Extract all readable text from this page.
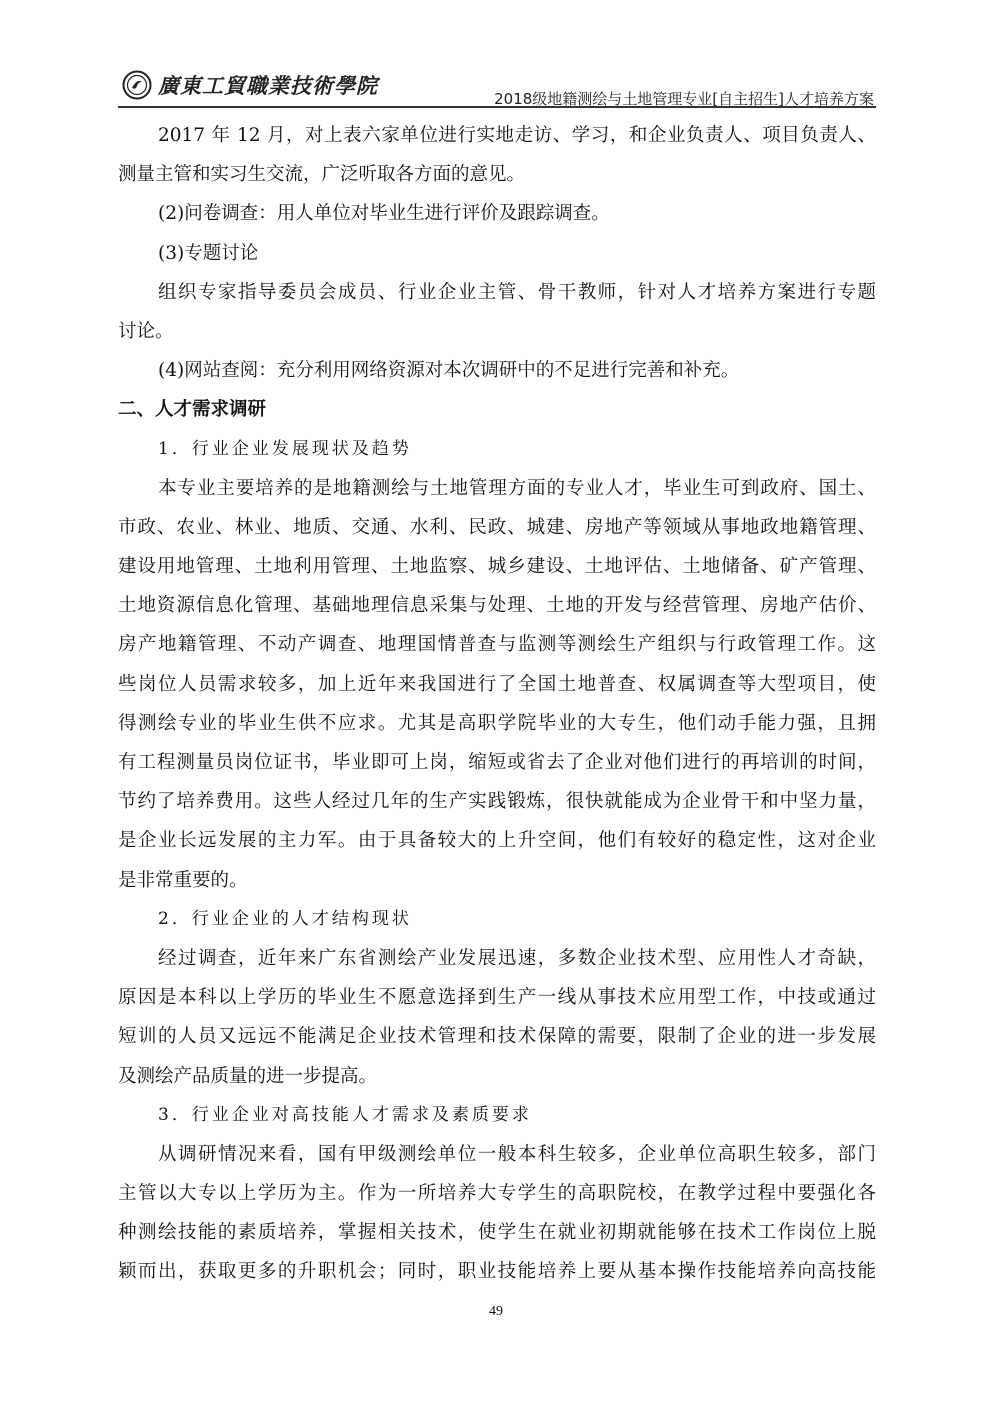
廣東工貿職業技術學院
2018级地籍测绘与土地管理专业[自主招生]人才培养方案
2017 年 12 月，对上表六家单位进行实地走访、学习，和企业负责人、项目负责人、
测量主管和实习生交流，广泛听取各方面的意见。
(2)问卷调查：用人单位对毕业生进行评价及跟踪调查。
(3)专题讨论
组织专家指导委员会成员、行业企业主管、骨干教师，针对人才培养方案进行专题
讨论。
(4)网站查阅：充分利用网络资源对本次调研中的不足进行完善和补充。
二、人才需求调研
1．行业企业发展现状及趋势
本专业主要培养的是地籍测绘与土地管理方面的专业人才，毕业生可到政府、国土、
市政、农业、林业、地质、交通、水利、民政、城建、房地产等领域从事地政地籍管理、
建设用地管理、土地利用管理、土地监察、城乡建设、土地评估、土地储备、矿产管理、
土地资源信息化管理、基础地理信息采集与处理、土地的开发与经营管理、房地产估价、
房产地籍管理、不动产调查、地理国情普查与监测等测绘生产组织与行政管理工作。这
些岗位人员需求较多，加上近年来我国进行了全国土地普查、权属调查等大型项目，使
得测绘专业的毕业生供不应求。尤其是高职学院毕业的大专生，他们动手能力强，且拥
有工程测量员岗位证书，毕业即可上岗，缩短或省去了企业对他们进行的再培训的时间，
节约了培养费用。这些人经过几年的生产实践锻炼，很快就能成为企业骨干和中坚力量，
是企业长远发展的主力军。由于具备较大的上升空间，他们有较好的稳定性，这对企业
是非常重要的。
2．行业企业的人才结构现状
经过调查，近年来广东省测绘产业发展迅速，多数企业技术型、应用性人才奇缺，
原因是本科以上学历的毕业生不愿意选择到生产一线从事技术应用型工作，中技或通过
短训的人员又远远不能满足企业技术管理和技术保障的需要，限制了企业的进一步发展
及测绘产品质量的进一步提高。
3．行业企业对高技能人才需求及素质要求
从调研情况来看，国有甲级测绘单位一般本科生较多，企业单位高职生较多，部门
主管以大专以上学历为主。作为一所培养大专学生的高职院校，在教学过程中要强化各
种测绘技能的素质培养，掌握相关技术，使学生在就业初期就能够在技术工作岗位上脱
颖而出，获取更多的升职机会；同时，职业技能培养上要从基本操作技能培养向高技能
49
